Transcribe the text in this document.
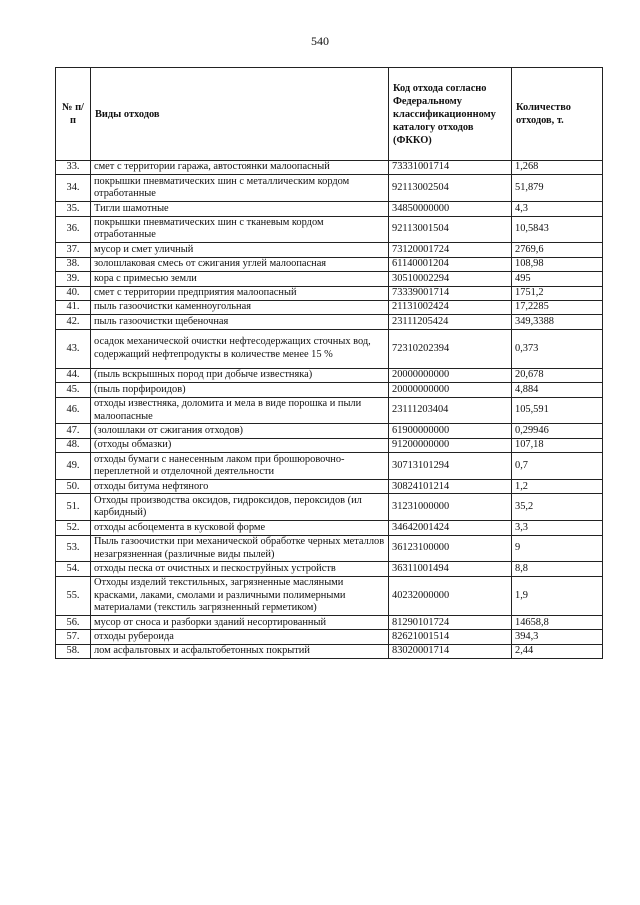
540
№ п/п	Виды отходов	Код отхода согласно Федеральному классификационному каталогу отходов (ФККО)	Количество отходов, т.
33.	смет с территории гаража, автостоянки малоопасный	73331001714	1,268
34.	покрышки пневматических шин с металлическим кордом отработанные	92113002504	51,879
35.	Тигли шамотные	34850000000	4,3
36.	покрышки пневматических шин с тканевым кордом отработанные	92113001504	10,5843
37.	мусор и смет уличный	73120001724	2769,6
38.	золошлаковая смесь от сжигания углей малоопасная	61140001204	108,98
39.	кора с примесью земли	30510002294	495
40.	смет с территории предприятия малоопасный	73339001714	1751,2
41.	пыль газоочистки каменноугольная	21131002424	17,2285
42.	пыль газоочистки щебеночная	23111205424	349,3388
43.	осадок механической очистки нефтесодержащих сточных вод, содержащий нефтепродукты в количестве менее 15 %	72310202394	0,373
44.	(пыль вскрышных пород при добыче известняка)	20000000000	20,678
45.	(пыль порфироидов)	20000000000	4,884
46.	отходы известняка, доломита и мела в виде порошка и пыли малоопасные	23111203404	105,591
47.	(золошлаки от сжигания отходов)	61900000000	0,29946
48.	(отходы обмазки)	91200000000	107,18
49.	отходы бумаги с нанесенным лаком при брошюровочно-переплетной и отделочной деятельности	30713101294	0,7
50.	отходы битума нефтяного	30824101214	1,2
51.	Отходы производства оксидов, гидроксидов, пероксидов (ил карбидный)	31231000000	35,2
52.	отходы асбоцемента в кусковой форме	34642001424	3,3
53.	Пыль газоочистки при механической обработке черных металлов незагрязненная (различные виды пылей)	36123100000	9
54.	отходы песка от очистных и пескоструйных устройств	36311001494	8,8
55.	Отходы изделий текстильных, загрязненные масляными красками, лаками, смолами и различными полимерными материалами (текстиль загрязненный герметиком)	40232000000	1,9
56.	мусор от сноса и разборки зданий несортированный	81290101724	14658,8
57.	отходы рубероида	82621001514	394,3
58.	лом асфальтовых и асфальтобетонных покрытий	83020001714	2,44
